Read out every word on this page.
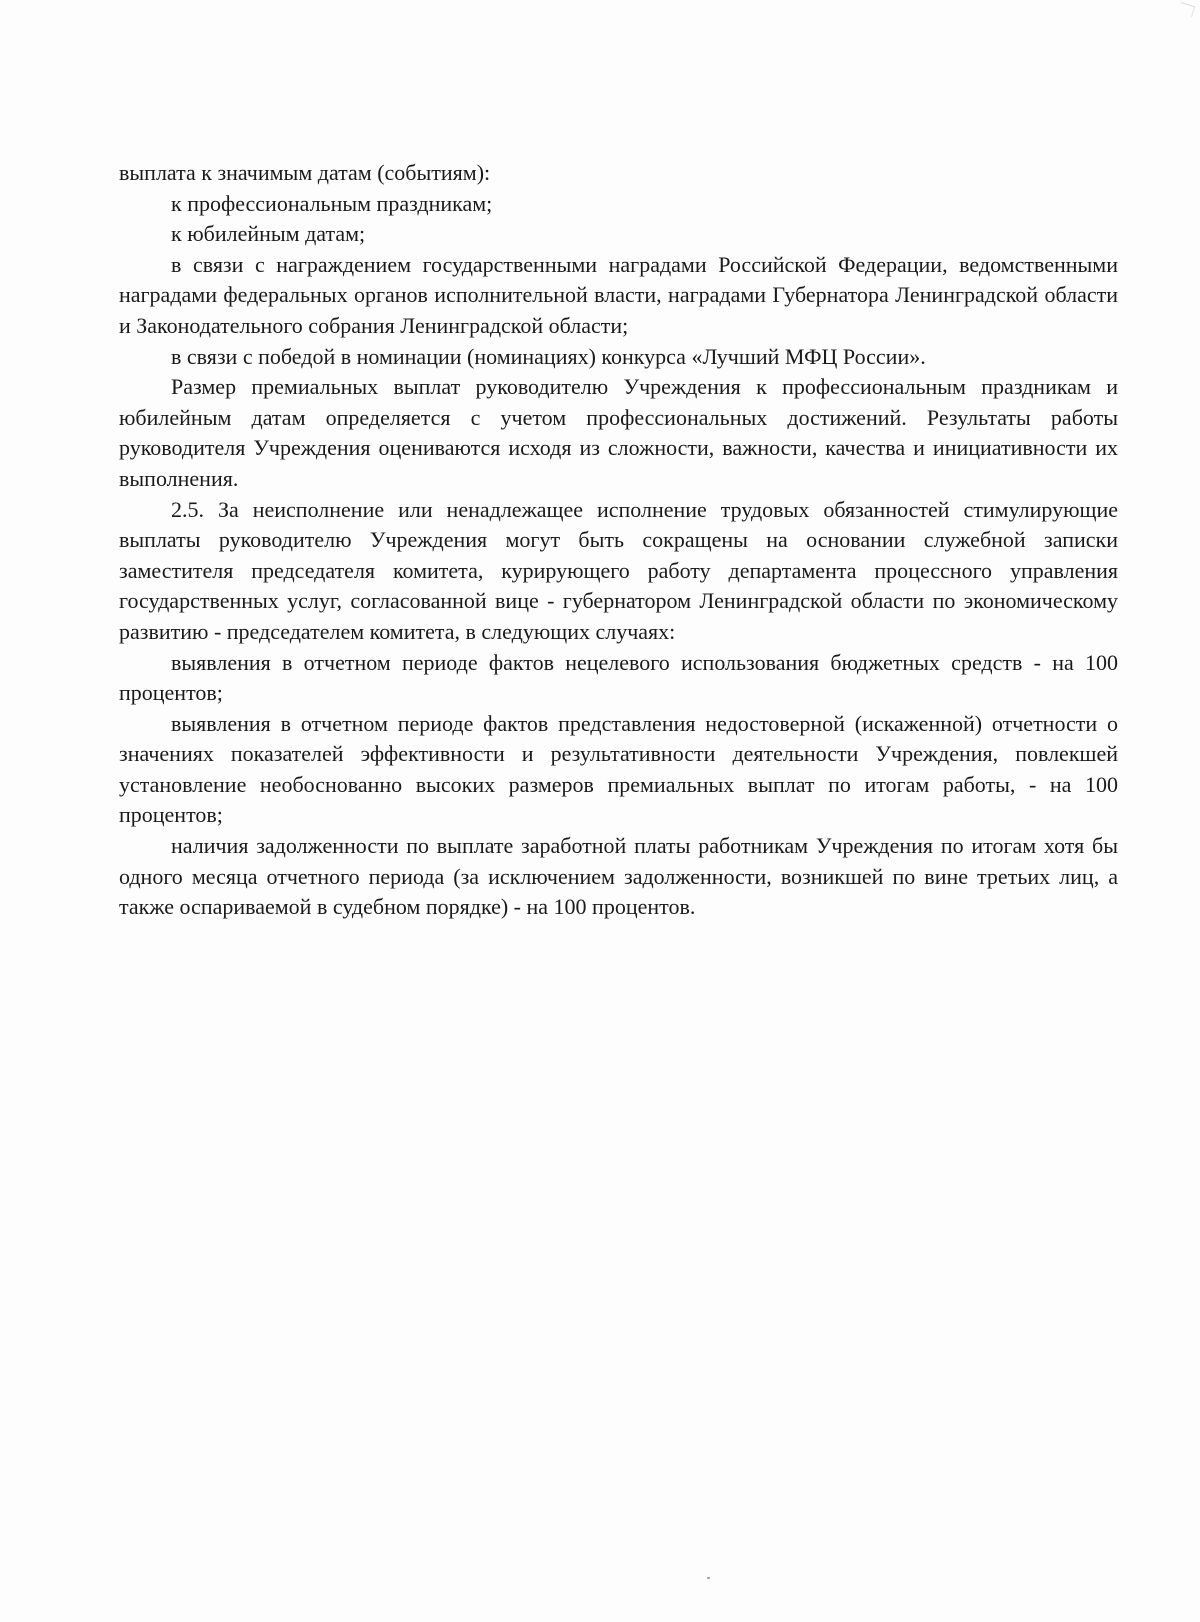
выплата к значимым датам (событиям):

к профессиональным праздникам;

к юбилейным датам;

в связи с награждением государственными наградами Российской Федерации, ведомственными наградами федеральных органов исполнительной власти, наградами Губернатора Ленинградской области и Законодательного собрания Ленинградской области;

в связи с победой в номинации (номинациях) конкурса «Лучший МФЦ России».

Размер премиальных выплат руководителю Учреждения к профессиональным праздникам и юбилейным датам определяется с учетом профессиональных достижений. Результаты работы руководителя Учреждения оцениваются исходя из сложности, важности, качества и инициативности их выполнения.

2.5. За неисполнение или ненадлежащее исполнение трудовых обязанностей стимулирующие выплаты руководителю Учреждения могут быть сокращены на основании служебной записки заместителя председателя комитета, курирующего работу департамента процессного управления государственных услуг, согласованной вице - губернатором Ленинградской области по экономическому развитию - председателем комитета, в следующих случаях:

выявления в отчетном периоде фактов нецелевого использования бюджетных средств - на 100 процентов;

выявления в отчетном периоде фактов представления недостоверной (искаженной) отчетности о значениях показателей эффективности и результативности деятельности Учреждения, повлекшей установление необоснованно высоких размеров премиальных выплат по итогам работы, - на 100 процентов;

наличия задолженности по выплате заработной платы работникам Учреждения по итогам хотя бы одного месяца отчетного периода (за исключением задолженности, возникшей по вине третьих лиц, а также оспариваемой в судебном порядке) - на 100 процентов.
